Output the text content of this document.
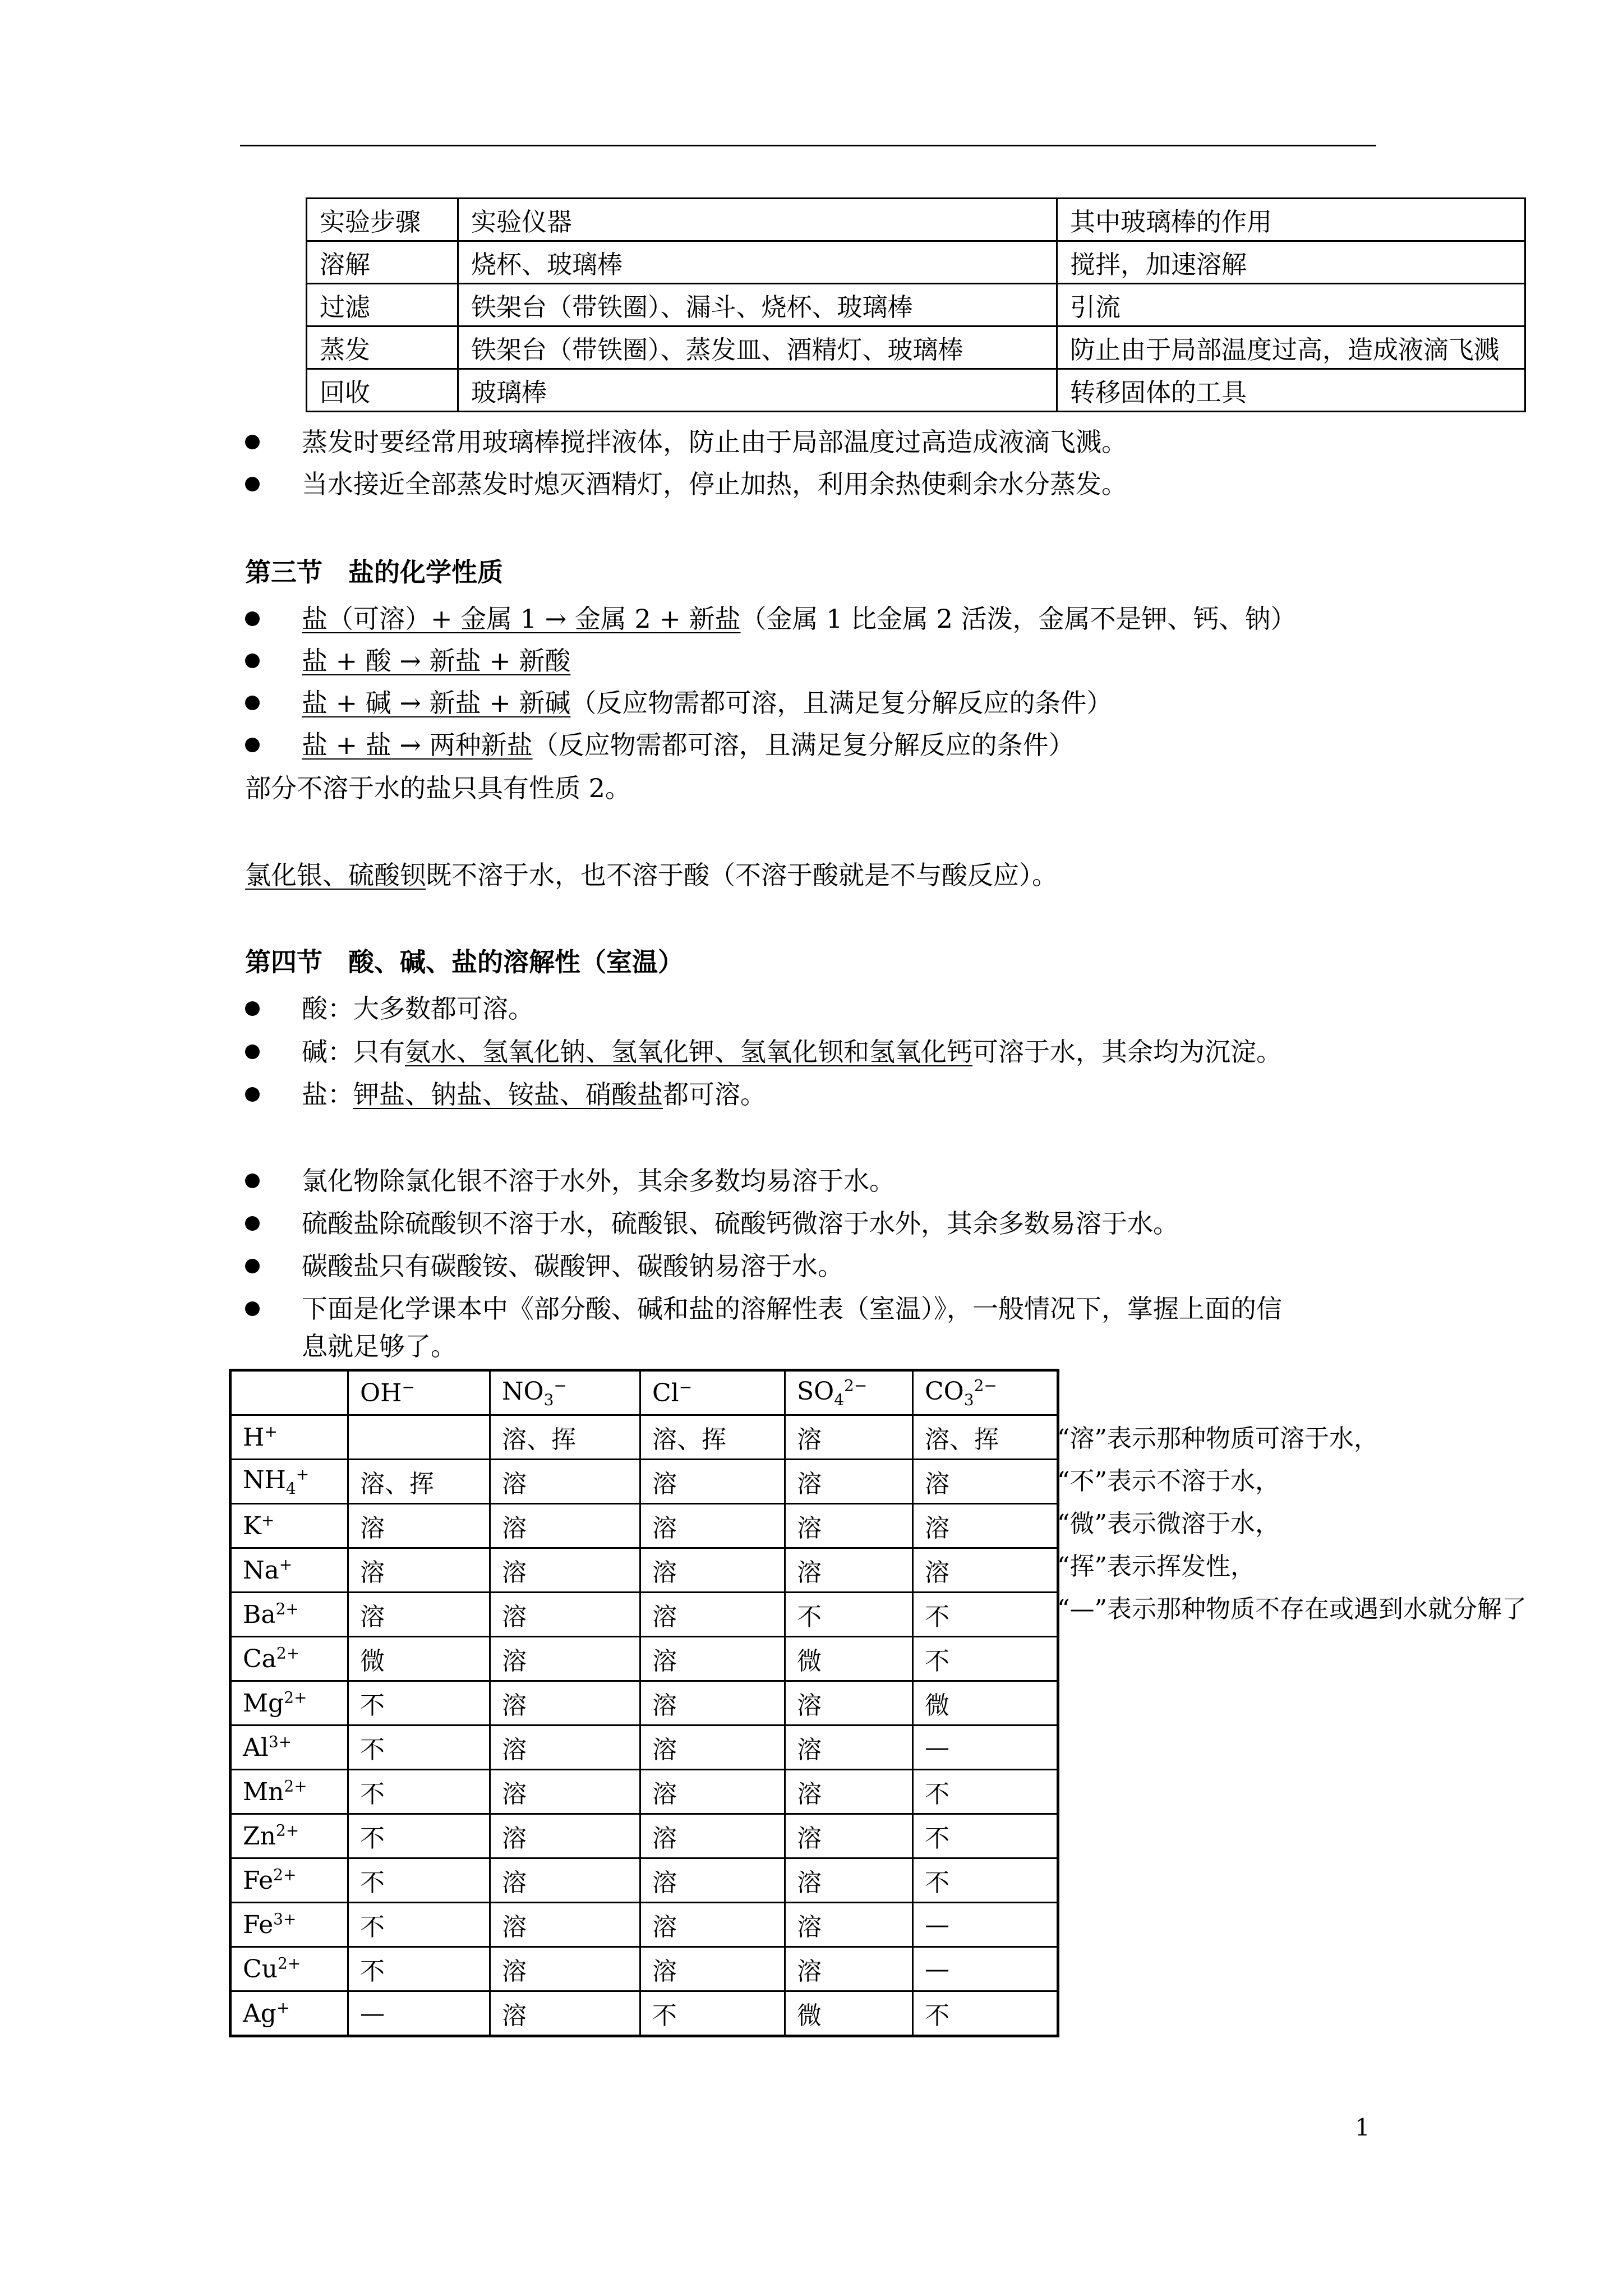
实验步骤	实验仪器	其中玻璃棒的作用
溶解	烧杯、玻璃棒	搅拌，加速溶解
过滤	铁架台（带铁圈）、漏斗、烧杯、玻璃棒	引流
蒸发	铁架台（带铁圈）、蒸发皿、酒精灯、玻璃棒	防止由于局部温度过高，造成液滴飞溅
回收	玻璃棒	转移固体的工具
蒸发时要经常用玻璃棒搅拌液体，防止由于局部温度过高造成液滴飞溅。
当水接近全部蒸发时熄灭酒精灯，停止加热，利用余热使剩余水分蒸发。
第三节　盐的化学性质
盐（可溶）+ 金属 1 → 金属 2 + 新盐（金属 1 比金属 2 活泼，金属不是钾、钙、钠）
盐 + 酸 → 新盐 + 新酸
盐 + 碱 → 新盐 + 新碱（反应物需都可溶，且满足复分解反应的条件）
盐 + 盐 → 两种新盐（反应物需都可溶，且满足复分解反应的条件）
部分不溶于水的盐只具有性质 2。
氯化银、硫酸钡既不溶于水，也不溶于酸（不溶于酸就是不与酸反应）。
第四节　酸、碱、盐的溶解性（室温）
酸：大多数都可溶。
碱：只有氨水、氢氧化钠、氢氧化钾、氢氧化钡和氢氧化钙可溶于水，其余均为沉淀。
盐：钾盐、钠盐、铵盐、硝酸盐都可溶。
氯化物除氯化银不溶于水外，其余多数均易溶于水。
硫酸盐除硫酸钡不溶于水，硫酸银、硫酸钙微溶于水外，其余多数易溶于水。
碳酸盐只有碳酸铵、碳酸钾、碳酸钠易溶于水。
下面是化学课本中《部分酸、碱和盐的溶解性表（室温）》，一般情况下，掌握上面的信
息就足够了。
	OH−	$NO_3^-$	Cl−	$SO_4^{2-}$	$CO_3^{2-}$
H+		溶、挥	溶、挥	溶	溶、挥
$NH_4^+$	溶、挥	溶	溶	溶	溶
K+	溶	溶	溶	溶	溶
Na+	溶	溶	溶	溶	溶
$Ba^{2+}$	溶	溶	溶	不	不
$Ca^{2+}$	微	溶	溶	微	不
$Mg^{2+}$	不	溶	溶	溶	微
$Al^{3+}$	不	溶	溶	溶	—
$Mn^{2+}$	不	溶	溶	溶	不
$Zn^{2+}$	不	溶	溶	溶	不
$Fe^{2+}$	不	溶	溶	溶	不
$Fe^{3+}$	不	溶	溶	溶	—
$Cu^{2+}$	不	溶	溶	溶	—
Ag+	—	溶	不	微	不
“溶”表示那种物质可溶于水，
“不”表示不溶于水，
“微”表示微溶于水，
“挥”表示挥发性，
“—”表示那种物质不存在或遇到水就分解了
1
